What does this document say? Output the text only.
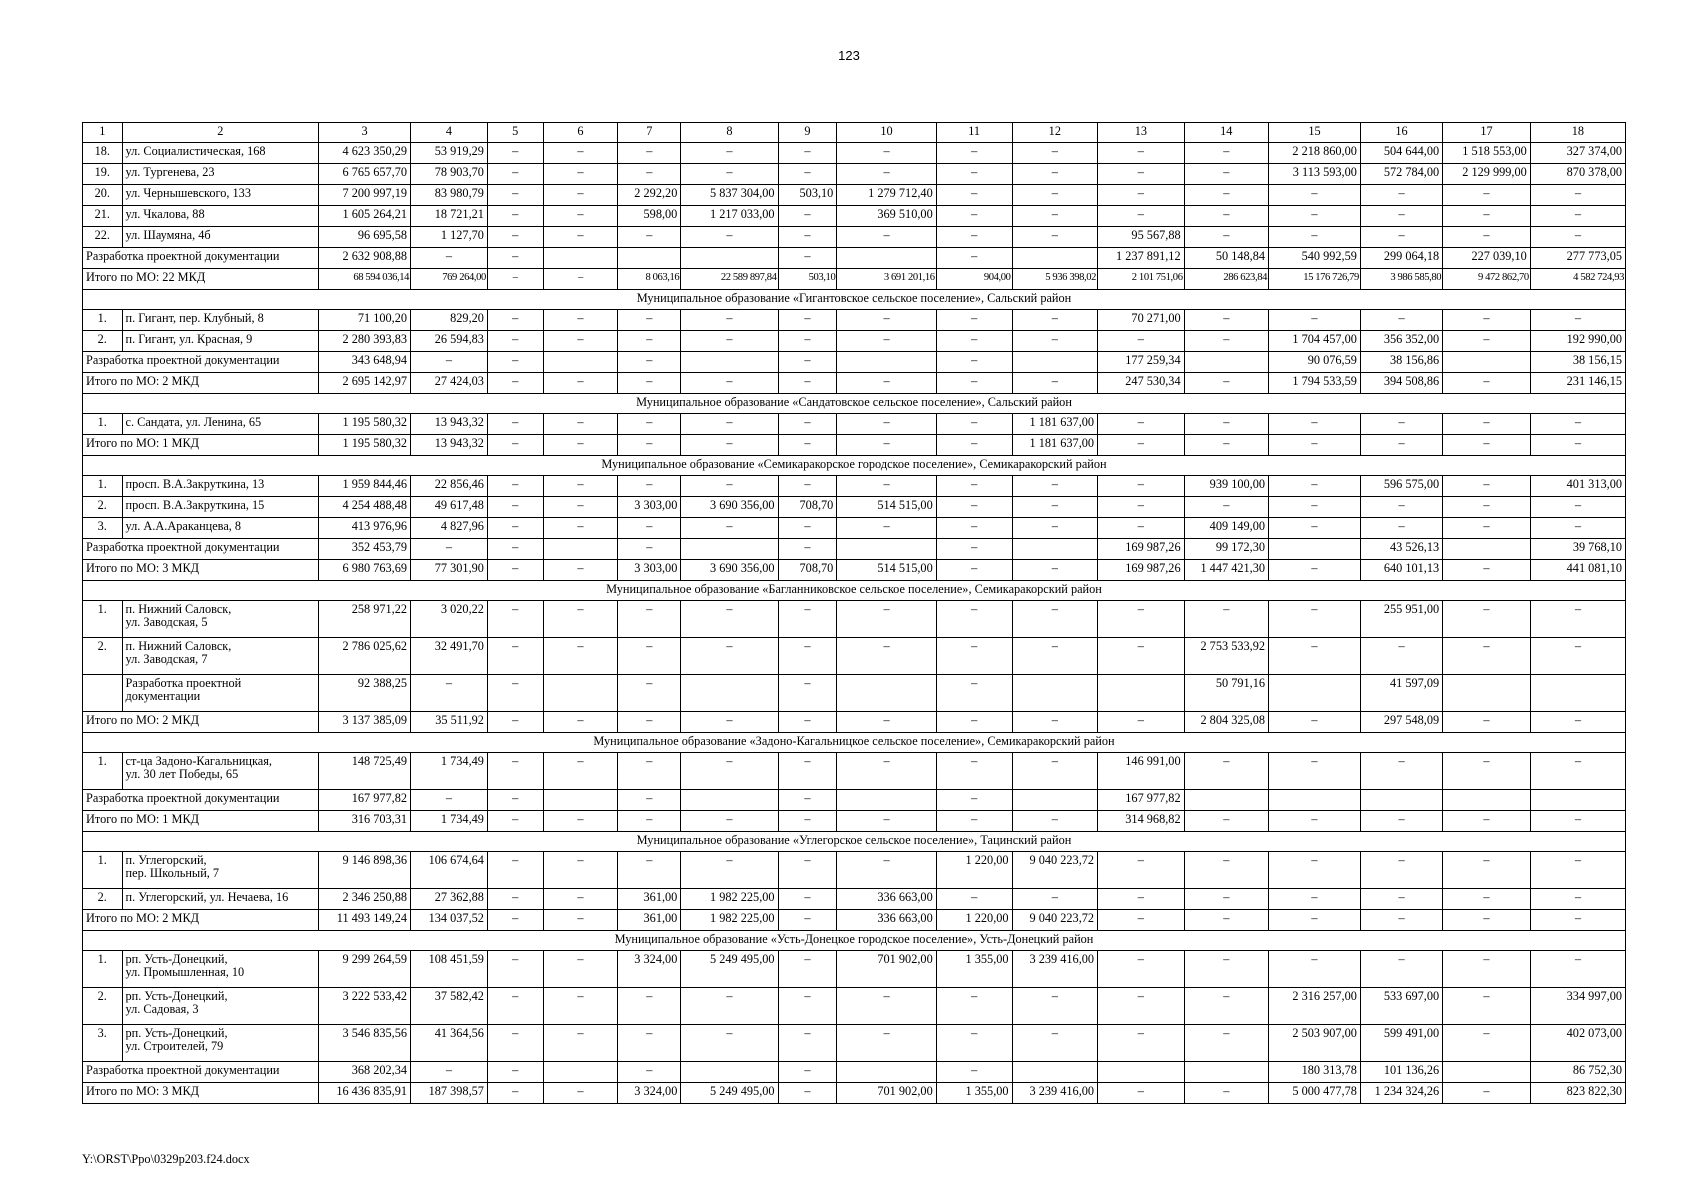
123
1	2	3	4	5	6	7	8	9	10	11	12	13	14	15	16	17	18
18.	ул. Социалистическая, 168	4 623 350,29	53 919,29	–	–	–	–	–	–	–	–	–	–	2 218 860,00	504 644,00	1 518 553,00	327 374,00
19.	ул. Тургенева, 23	6 765 657,70	78 903,70	–	–	–	–	–	–	–	–	–	–	3 113 593,00	572 784,00	2 129 999,00	870 378,00
20.	ул. Чернышевского, 133	7 200 997,19	83 980,79	–	–	2 292,20	5 837 304,00	503,10	1 279 712,40	–	–	–	–	–	–	–	–
21.	ул. Чкалова, 88	1 605 264,21	18 721,21	–	–	598,00	1 217 033,00	–	369 510,00	–	–	–	–	–	–	–	–
22.	ул. Шаумяна, 4б	96 695,58	1 127,70	–	–	–	–	–	–	–	–	95 567,88	–	–	–	–	–
Разработка проектной документации		2 632 908,88	–	–				–		–		1 237 891,12	50 148,84	540 992,59	299 064,18	227 039,10	277 773,05
Итого по МО: 22 МКД		68 594 036,14	769 264,00	–	–	8 063,16	22 589 897,84	503,10	3 691 201,16	904,00	5 936 398,02	2 101 751,06	286 623,84	15 176 726,79	3 986 585,80	9 472 862,70	4 582 724,93
Муниципальное образование «Гигантовское сельское поселение», Сальский район																	
1.	п. Гигант, пер. Клубный, 8	71 100,20	829,20	–	–	–	–	–	–	–	–	70 271,00	–	–	–	–	–
2.	п. Гигант, ул. Красная, 9	2 280 393,83	26 594,83	–	–	–	–	–	–	–	–	–	–	1 704 457,00	356 352,00	–	192 990,00
Разработка проектной документации		343 648,94	–	–		–		–		–		177 259,34		90 076,59	38 156,86		38 156,15
Итого по МО: 2 МКД		2 695 142,97	27 424,03	–	–	–	–	–	–	–	–	247 530,34	–	1 794 533,59	394 508,86	–	231 146,15
Муниципальное образование «Сандатовское сельское поселение», Сальский район																	
1.	с. Сандата, ул. Ленина, 65	1 195 580,32	13 943,32	–	–	–	–	–	–	–	1 181 637,00	–	–	–	–	–	–
Итого по МО: 1 МКД		1 195 580,32	13 943,32	–	–	–	–	–	–	–	1 181 637,00	–	–	–	–	–	–
Муниципальное образование «Семикаракорское городское поселение», Семикаракорский район																	
1.	просп. В.А.Закруткина, 13	1 959 844,46	22 856,46	–	–	–	–	–	–	–	–	–	939 100,00	–	596 575,00	–	401 313,00
2.	просп. В.А.Закруткина, 15	4 254 488,48	49 617,48	–	–	3 303,00	3 690 356,00	708,70	514 515,00	–	–	–	–	–	–	–	–
3.	ул. А.А.Араканцева, 8	413 976,96	4 827,96	–	–	–	–	–	–	–	–	–	409 149,00	–	–	–	–
Разработка проектной документации		352 453,79	–	–		–		–		–		169 987,26	99 172,30		43 526,13		39 768,10
Итого по МО: 3 МКД		6 980 763,69	77 301,90	–	–	3 303,00	3 690 356,00	708,70	514 515,00	–	–	169 987,26	1 447 421,30	–	640 101,13	–	441 081,10
Муниципальное образование «Багланниковское сельское поселение», Семикаракорский район																	
1.	п. Нижний Саловск,
ул. Заводская, 5	258 971,22	3 020,22	–	–	–	–	–	–	–	–	–	–	–	255 951,00	–	–
2.	п. Нижний Саловск,
ул. Заводская, 7	2 786 025,62	32 491,70	–	–	–	–	–	–	–	–	–	2 753 533,92	–	–	–	–
	Разработка проектной
документации	92 388,25	–	–		–		–		–			50 791,16		41 597,09		
Итого по МО: 2 МКД		3 137 385,09	35 511,92	–	–	–	–	–	–	–	–	–	2 804 325,08	–	297 548,09	–	–
Муниципальное образование «Задоно-Кагальницкое сельское поселение», Семикаракорский район																	
1.	ст-ца Задоно-Кагальницкая,
ул. 30 лет Победы, 65	148 725,49	1 734,49	–	–	–	–	–	–	–	–	146 991,00	–	–	–	–	–
Разработка проектной документации		167 977,82	–	–		–		–		–		167 977,82					
Итого по МО: 1 МКД		316 703,31	1 734,49	–	–	–	–	–	–	–	–	314 968,82	–	–	–	–	–
Муниципальное образование «Углегорское сельское поселение», Тацинский район																	
1.	п. Углегорский,
пер. Школьный, 7	9 146 898,36	106 674,64	–	–	–	–	–	–	1 220,00	9 040 223,72	–	–	–	–	–	–
2.	п. Углегорский, ул. Нечаева, 16	2 346 250,88	27 362,88	–	–	361,00	1 982 225,00	–	336 663,00	–	–	–	–	–	–	–	–
Итого по МО: 2 МКД		11 493 149,24	134 037,52	–	–	361,00	1 982 225,00	–	336 663,00	1 220,00	9 040 223,72	–	–	–	–	–	–
Муниципальное образование «Усть-Донецкое городское поселение», Усть-Донецкий район																	
1.	рп. Усть-Донецкий,
ул. Промышленная, 10	9 299 264,59	108 451,59	–	–	3 324,00	5 249 495,00	–	701 902,00	1 355,00	3 239 416,00	–	–	–	–	–	–
2.	рп. Усть-Донецкий,
ул. Садовая, 3	3 222 533,42	37 582,42	–	–	–	–	–	–	–	–	–	–	2 316 257,00	533 697,00	–	334 997,00
3.	рп. Усть-Донецкий,
ул. Строителей, 79	3 546 835,56	41 364,56	–	–	–	–	–	–	–	–	–	–	2 503 907,00	599 491,00	–	402 073,00
Разработка проектной документации		368 202,34	–	–		–		–		–				180 313,78	101 136,26		86 752,30
Итого по МО: 3 МКД		16 436 835,91	187 398,57	–	–	3 324,00	5 249 495,00	–	701 902,00	1 355,00	3 239 416,00	–	–	5 000 477,78	1 234 324,26	–	823 822,30
Y:\ORST\Ppo\0329p203.f24.docx
